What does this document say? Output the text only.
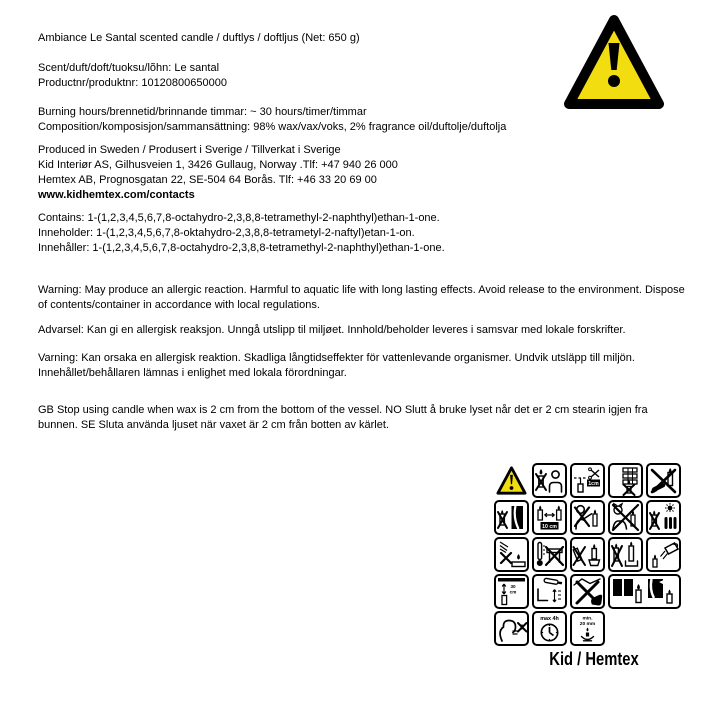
Ambiance Le Santal scented candle / duftlys / doftljus (Net: 650 g)
Scent/duft/doft/tuoksu/lõhn: Le santal
Productnr/produktnr: 10120800650000
Burning hours/brennetid/brinnande timmar: ~ 30 hours/timer/timmar
Composition/komposisjon/sammansättning: 98% wax/vax/voks, 2% fragrance oil/duftolje/duftolja
Produced in Sweden / Produsert i Sverige / Tillverkat i Sverige
Kid Interiør AS, Gilhusveien 1, 3426 Gullaug, Norway .Tlf: +47 940 26 000
Hemtex AB, Prognosgatan 22, SE-504 64 Borås. Tlf: +46 33 20 69 00
www.kidhemtex.com/contacts
Contains: 1-(1,2,3,4,5,6,7,8-octahydro-2,3,8,8-tetramethyl-2-naphthyl)ethan-1-one.
Inneholder: 1-(1,2,3,4,5,6,7,8-oktahydro-2,3,8,8-tetrametyl-2-naftyl)etan-1-on.
Innehåller: 1-(1,2,3,4,5,6,7,8-octahydro-2,3,8,8-tetramethyl-2-naphthyl)ethan-1-one.
Warning: May produce an allergic reaction. Harmful to aquatic life with long lasting effects. Avoid release to the environment. Dispose of contents/container in accordance with local regulations.
Advarsel: Kan gi en allergisk reaksjon. Unngå utslipp til miljøet. Innhold/beholder leveres i samsvar med lokale forskrifter.
Varning: Kan orsaka en allergisk reaktion. Skadliga långtidseffekter för vattenlevande organismer. Undvik utsläpp till miljön. Innehållet/behållaren lämnas i enlighet med lokala förordningar.
GB Stop using candle when wax is 2 cm from the bottom of the vessel. NO Slutt å bruke lyset når det er 2 cm stearin igjen fra bunnen. SE Sluta använda ljuset när vaxet är 2 cm från botten av kärlet.
1cm
10 cm
30
cm
max 4h	min.
20 mm
Kid / Hemtex
